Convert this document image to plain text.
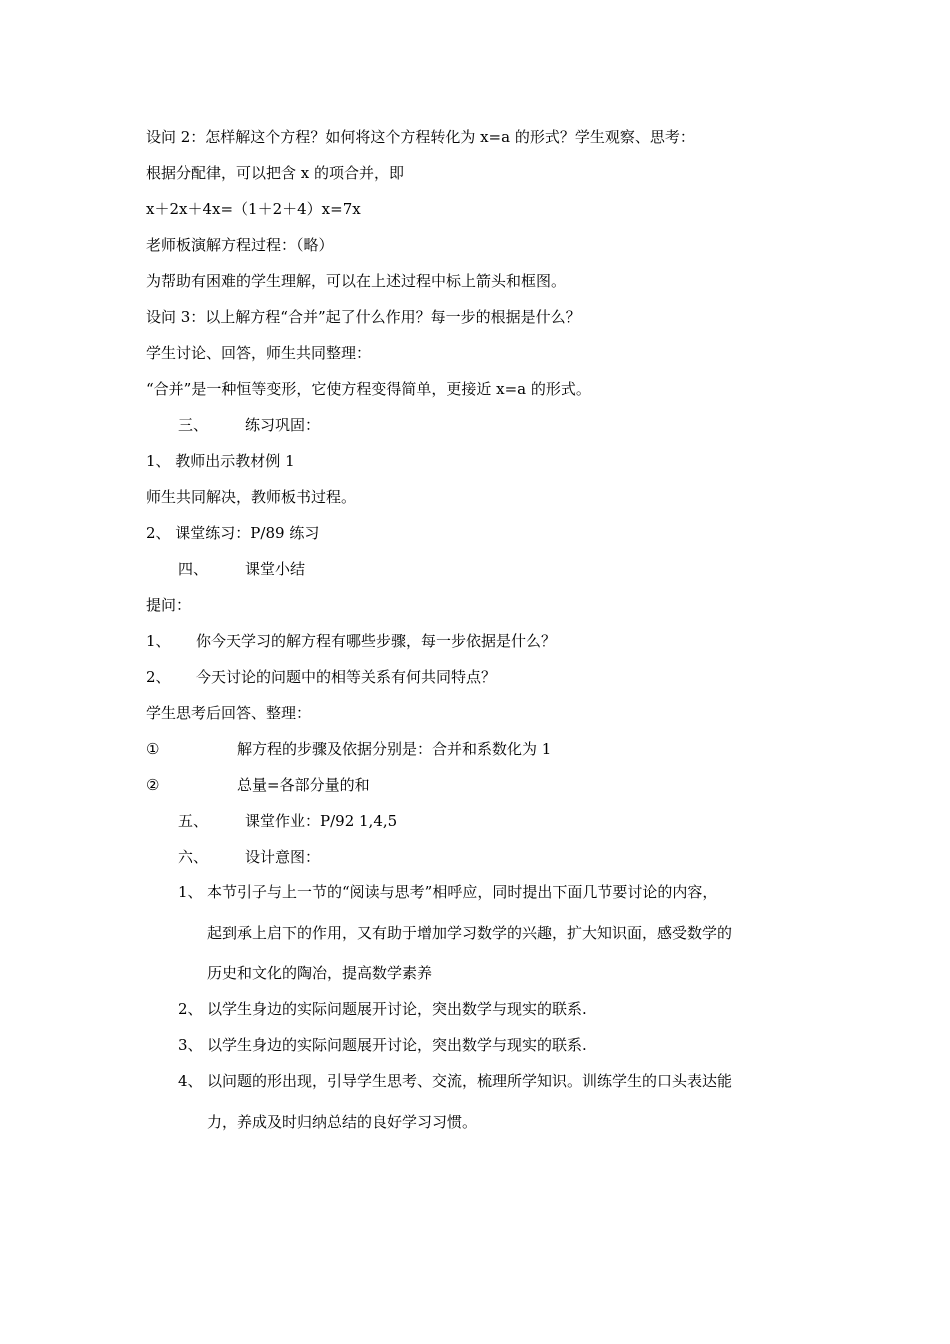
设问 2：怎样解这个方程？如何将这个方程转化为 x=a 的形式？学生观察、思考：
根据分配律，可以把含 x 的项合并，即
x＋2x＋4x=（1＋2＋4）x=7x
老师板演解方程过程：（略）
为帮助有困难的学生理解，可以在上述过程中标上箭头和框图。
设问 3：以上解方程“合并”起了什么作用？每一步的根据是什么？
学生讨论、回答，师生共同整理：
“合并”是一种恒等变形，它使方程变得简单，更接近 x=a 的形式。
三、 练习巩固：
1、 教师出示教材例 1
师生共同解决，教师板书过程。
2、 课堂练习：P/89 练习
四、 课堂小结
提问：
1、 你今天学习的解方程有哪些步骤，每一步依据是什么？
2、 今天讨论的问题中的相等关系有何共同特点？
学生思考后回答、整理：
①	解方程的步骤及依据分别是：合并和系数化为 1
②	总量=各部分量的和
五、 课堂作业：P/92 1,4,5
六、 设计意图：
1、 本节引子与上一节的“阅读与思考”相呼应，同时提出下面几节要讨论的内容，
起到承上启下的作用，又有助于增加学习数学的兴趣，扩大知识面，感受数学的
历史和文化的陶冶，提高数学素养
2、 以学生身边的实际问题展开讨论，突出数学与现实的联系.
3、 以学生身边的实际问题展开讨论，突出数学与现实的联系.
4、 以问题的形出现，引导学生思考、交流，梳理所学知识。训练学生的口头表达能
力，养成及时归纳总结的良好学习习惯。
